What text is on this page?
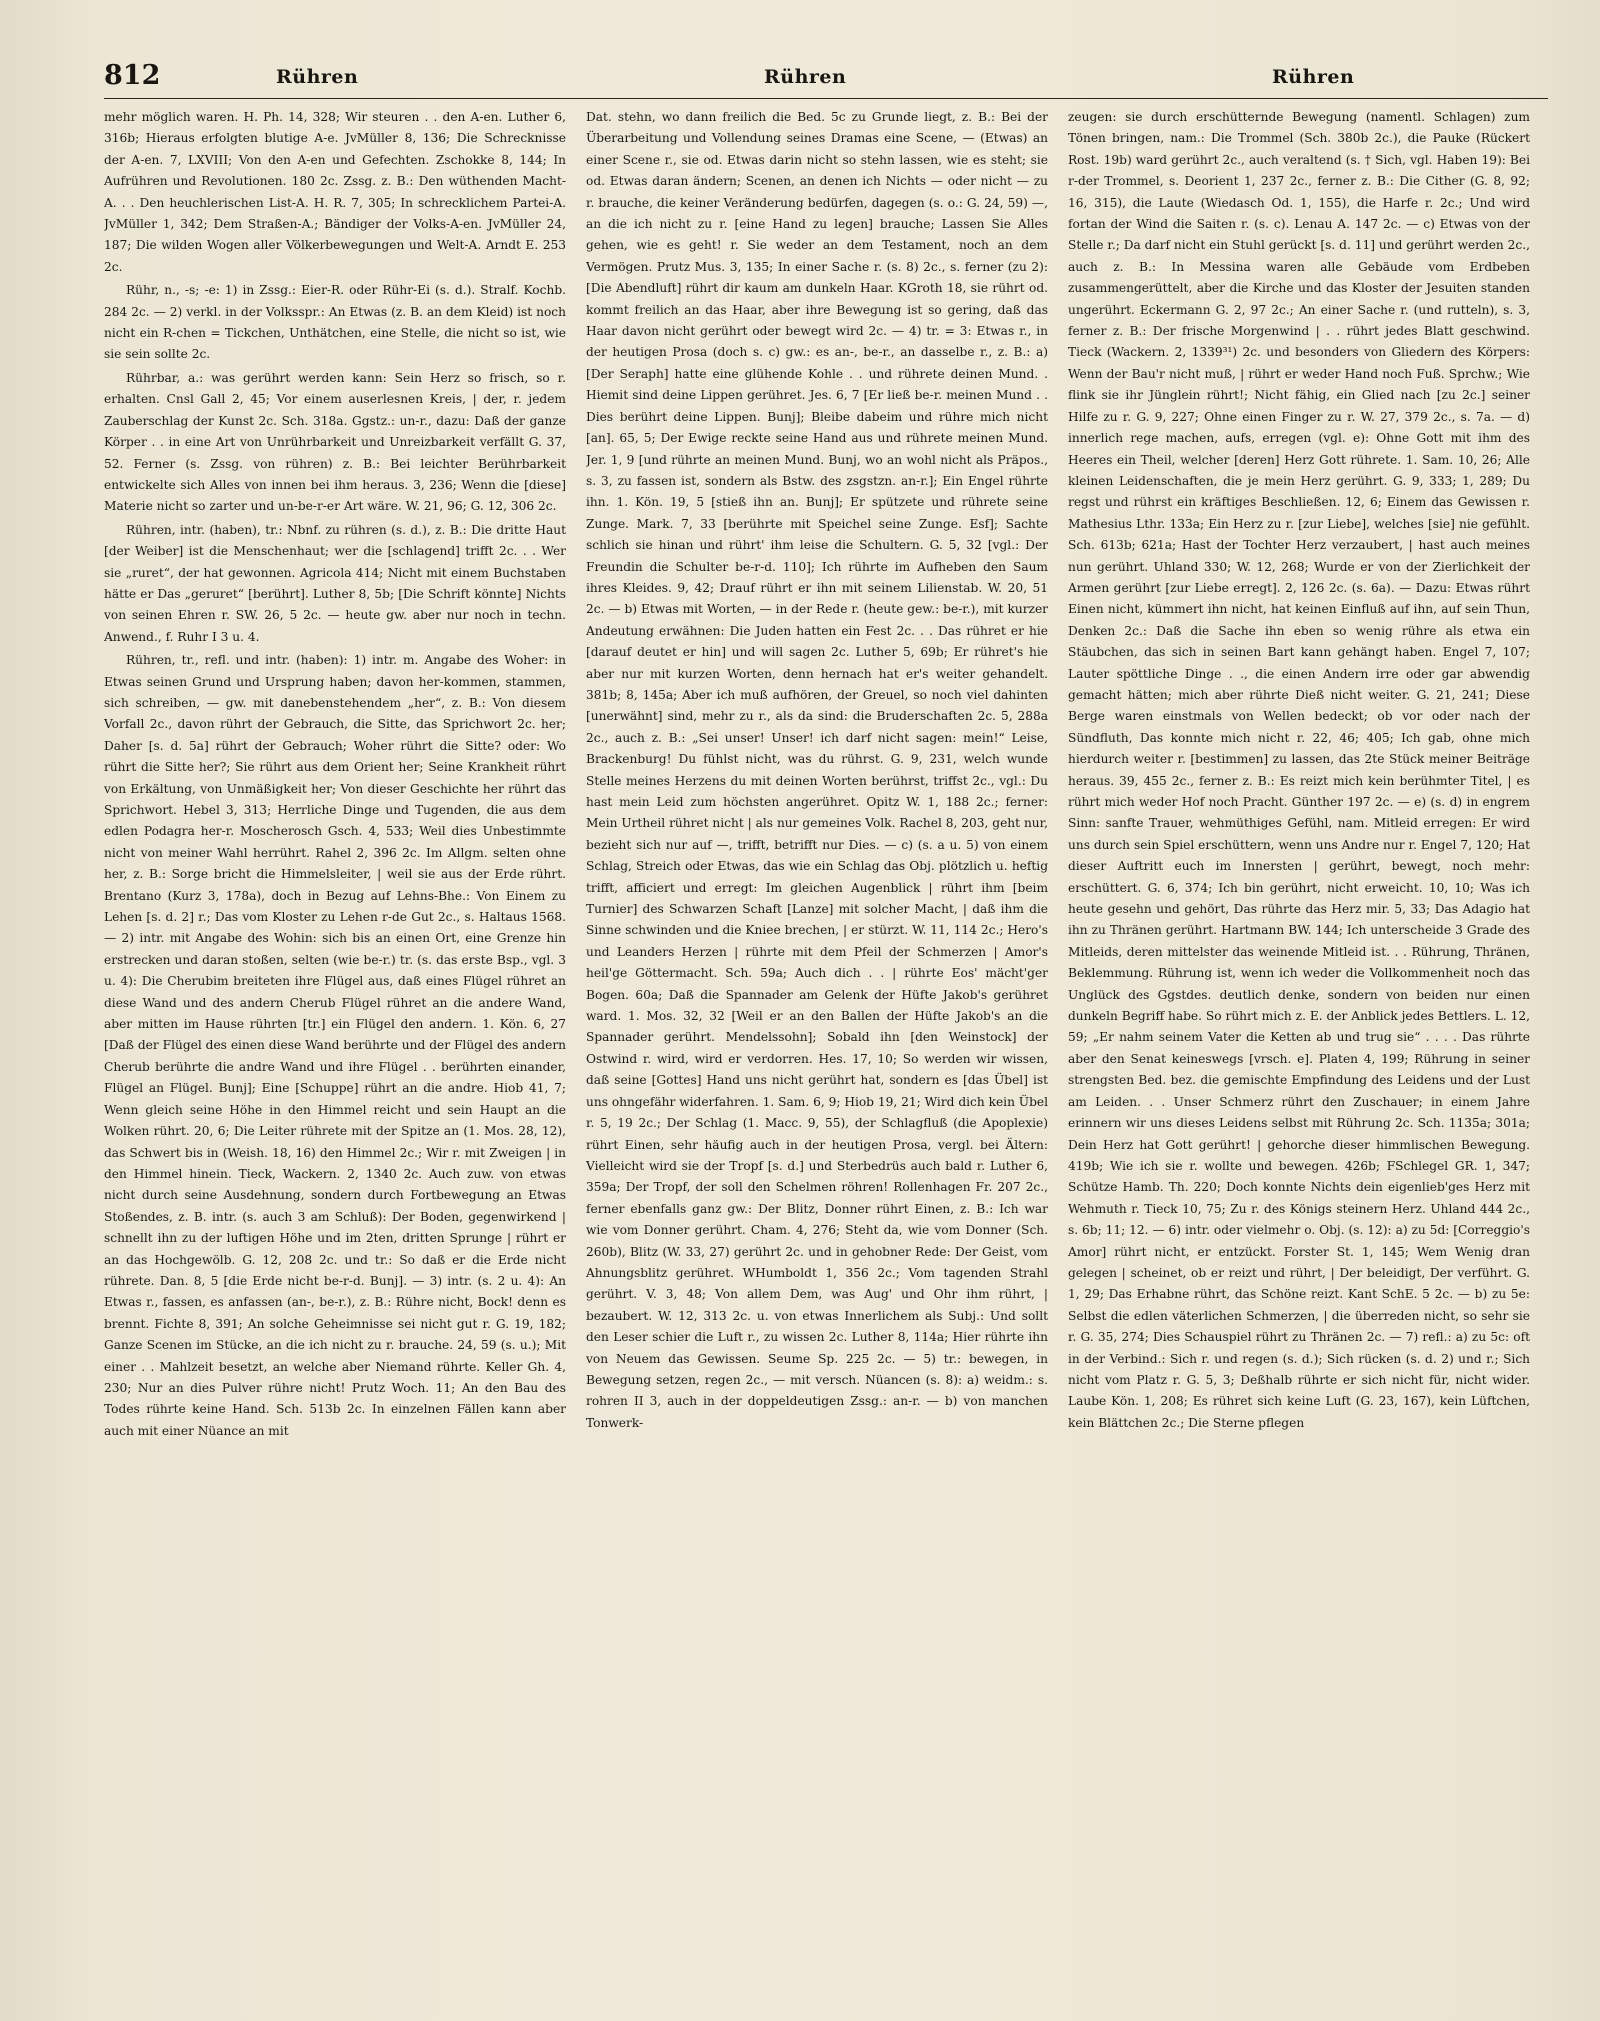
812	Rühren	Rühren	Rühren

mehr möglich waren. H. Ph. 14, 328; Wir steuren . . den A-en. Luther 6, 316b; Hieraus erfolgten blutige A-e. JvMüller 8, 136; Die Schrecknisse der A-en. 7, LXVIII; Von den A-en und Gefechten. Zschokke 8, 144; In Aufrühren und Revolutionen. 180 2c. Zssg. z. B.: Den wüthenden Macht-A. . . Den heuchlerischen List-A. H. R. 7, 305; In schrecklichem Partei-A. JvMüller 1, 342; Dem Straßen-A.; Bändiger der Volks-A-en. JvMüller 24, 187; Die wilden Wogen aller Völkerbewegungen und Welt-A. Arndt E. 253 2c.

Rühr, n., -s; -e: 1) in Zssg.: Eier-R. oder Rühr-Ei (s. d.). Stralf. Kochb. 284 2c. — 2) verkl. in der Volksspr.: An Etwas (z. B. an dem Kleid) ist noch nicht ein R-chen = Tickchen, Unthätchen, eine Stelle, die nicht so ist, wie sie sein sollte 2c.

Rührbar, a.: was gerührt werden kann: Sein Herz so frisch, so r. erhalten. Cnsl Gall 2, 45; Vor einem auserlesnen Kreis, | der, r. jedem Zauberschlag der Kunst 2c. Sch. 318a. Ggstz.: un-r., dazu: Daß der ganze Körper . . in eine Art von Unrührbarkeit und Unreizbarkeit verfällt G. 37, 52. Ferner (s. Zssg. von rühren) z. B.: Bei leichter Berührbarkeit entwickelte sich Alles von innen bei ihm heraus. 3, 236; Wenn die [diese] Materie nicht so zarter und un-be-r-er Art wäre. W. 21, 96; G. 12, 306 2c.

Rühren, intr. (haben), tr.: Nbnf. zu rühren (s. d.), z. B.: Die dritte Haut [der Weiber] ist die Menschenhaut; wer die [schlagend] trifft 2c. . . Wer sie „ruret“, der hat gewonnen. Agricola 414; Nicht mit einem Buchstaben hätte er Das „geruret“ [berührt]. Luther 8, 5b; [Die Schrift könnte] Nichts von seinen Ehren r. SW. 26, 5 2c. — heute gw. aber nur noch in techn. Anwend., f. Ruhr I 3 u. 4.

Rühren, tr., refl. und intr. (haben): 1) intr. m. Angabe des Woher: in Etwas seinen Grund und Ursprung haben; davon her-kommen, stammen, sich schreiben, — gw. mit danebenstehendem „her“, z. B.: Von diesem Vorfall 2c., davon rührt der Gebrauch, die Sitte, das Sprichwort 2c. her; Daher [s. d. 5a] rührt der Gebrauch; Woher rührt die Sitte? oder: Wo rührt die Sitte her?; Sie rührt aus dem Orient her; Seine Krankheit rührt von Erkältung, von Unmäßigkeit her; Von dieser Geschichte her rührt das Sprichwort. Hebel 3, 313; Herrliche Dinge und Tugenden, die aus dem edlen Podagra her-r. Moscherosch Gsch. 4, 533; Weil dies Unbestimmte nicht von meiner Wahl herrührt. Rahel 2, 396 2c. Im Allgm. selten ohne her, z. B.: Sorge bricht die Himmelsleiter, | weil sie aus der Erde rührt. Brentano (Kurz 3, 178a), doch in Bezug auf Lehns-Bhe.: Von Einem zu Lehen [s. d. 2] r.; Das vom Kloster zu Lehen r-de Gut 2c., s. Haltaus 1568. — 2) intr. mit Angabe des Wohin: sich bis an einen Ort, eine Grenze hin erstrecken und daran stoßen, selten (wie be-r.) tr. (s. das erste Bsp., vgl. 3 u. 4): Die Cherubim breiteten ihre Flügel aus, daß eines Flügel rühret an diese Wand und des andern Cherub Flügel rühret an die andere Wand, aber mitten im Hause rührten [tr.] ein Flügel den andern. 1. Kön. 6, 27 [Daß der Flügel des einen diese Wand berührte und der Flügel des andern Cherub berührte die andre Wand und ihre Flügel . . berührten einander, Flügel an Flügel. Bunj]; Eine [Schuppe] rührt an die andre. Hiob 41, 7; Wenn gleich seine Höhe in den Himmel reicht und sein Haupt an die Wolken rührt. 20, 6; Die Leiter rührete mit der Spitze an (1. Mos. 28, 12), das Schwert bis in (Weish. 18, 16) den Himmel 2c.; Wir r. mit Zweigen | in den Himmel hinein. Tieck, Wackern. 2, 1340 2c. Auch zuw. von etwas nicht durch seine Ausdehnung, sondern durch Fortbewegung an Etwas Stoßendes, z. B. intr. (s. auch 3 am Schluß): Der Boden, gegenwirkend | schnellt ihn zu der luftigen Höhe und im 2ten, dritten Sprunge | rührt er an das Hochgewölb. G. 12, 208 2c. und tr.: So daß er die Erde nicht rührete. Dan. 8, 5 [die Erde nicht be-r-d. Bunj]. — 3) intr. (s. 2 u. 4): An Etwas r., fassen, es anfassen (an-, be-r.), z. B.: Rühre nicht, Bock! denn es brennt. Fichte 8, 391; An solche Geheimnisse sei nicht gut r. G. 19, 182; Ganze Scenen im Stücke, an die ich nicht zu r. brauche. 24, 59 (s. u.); Mit einer . . Mahlzeit besetzt, an welche aber Niemand rührte. Keller Gh. 4, 230; Nur an dies Pulver rühre nicht! Prutz Woch. 11; An den Bau des Todes rührte keine Hand. Sch. 513b 2c. In einzelnen Fällen kann aber auch mit einer Nüance an mit

Dat. stehn, wo dann freilich die Bed. 5c zu Grunde liegt, z. B.: Bei der Überarbeitung und Vollendung seines Dramas eine Scene, — (Etwas) an einer Scene r., sie od. Etwas darin nicht so stehn lassen, wie es steht; sie od. Etwas daran ändern; Scenen, an denen ich Nichts — oder nicht — zu r. brauche, die keiner Veränderung bedürfen, dagegen (s. o.: G. 24, 59) —, an die ich nicht zu r. [eine Hand zu legen] brauche; Lassen Sie Alles gehen, wie es geht! r. Sie weder an dem Testament, noch an dem Vermögen. Prutz Mus. 3, 135; In einer Sache r. (s. 8) 2c., s. ferner (zu 2): [Die Abendluft] rührt dir kaum am dunkeln Haar. KGroth 18, sie rührt od. kommt freilich an das Haar, aber ihre Bewegung ist so gering, daß das Haar davon nicht gerührt oder bewegt wird 2c. — 4) tr. = 3: Etwas r., in der heutigen Prosa (doch s. c) gw.: es an-, be-r., an dasselbe r., z. B.: a) [Der Seraph] hatte eine glühende Kohle . . und rührete deinen Mund. . Hiemit sind deine Lippen gerühret. Jes. 6, 7 [Er ließ be-r. meinen Mund . . Dies berührt deine Lippen. Bunj]; Bleibe dabeim und rühre mich nicht [an]. 65, 5; Der Ewige reckte seine Hand aus und rührete meinen Mund. Jer. 1, 9 [und rührte an meinen Mund. Bunj, wo an wohl nicht als Präpos., s. 3, zu fassen ist, sondern als Bstw. des zsgstzn. an-r.]; Ein Engel rührte ihn. 1. Kön. 19, 5 [stieß ihn an. Bunj]; Er spützete und rührete seine Zunge. Mark. 7, 33 [berührte mit Speichel seine Zunge. Esf]; Sachte schlich sie hinan und rührt' ihm leise die Schultern. G. 5, 32 [vgl.: Der Freundin die Schulter be-r-d. 110]; Ich rührte im Aufheben den Saum ihres Kleides. 9, 42; Drauf rührt er ihn mit seinem Lilienstab. W. 20, 51 2c. — b) Etwas mit Worten, — in der Rede r. (heute gew.: be-r.), mit kurzer Andeutung erwähnen: Die Juden hatten ein Fest 2c. . . Das rühret er hie [darauf deutet er hin] und will sagen 2c. Luther 5, 69b; Er rühret's hie aber nur mit kurzen Worten, denn hernach hat er's weiter gehandelt. 381b; 8, 145a; Aber ich muß aufhören, der Greuel, so noch viel dahinten [unerwähnt] sind, mehr zu r., als da sind: die Bruderschaften 2c. 5, 288a 2c., auch z. B.: „Sei unser! Unser! ich darf nicht sagen: mein!“ Leise, Brackenburg! Du fühlst nicht, was du rührst. G. 9, 231, welch wunde Stelle meines Herzens du mit deinen Worten berührst, triffst 2c., vgl.: Du hast mein Leid zum höchsten angerühret. Opitz W. 1, 188 2c.; ferner: Mein Urtheil rühret nicht | als nur gemeines Volk. Rachel 8, 203, geht nur, bezieht sich nur auf —, trifft, betrifft nur Dies. — c) (s. a u. 5) von einem Schlag, Streich oder Etwas, das wie ein Schlag das Obj. plötzlich u. heftig trifft, afficiert und erregt: Im gleichen Augenblick | rührt ihm [beim Turnier] des Schwarzen Schaft [Lanze] mit solcher Macht, | daß ihm die Sinne schwinden und die Kniee brechen, | er stürzt. W. 11, 114 2c.; Hero's und Leanders Herzen | rührte mit dem Pfeil der Schmerzen | Amor's heil'ge Göttermacht. Sch. 59a; Auch dich . . | rührte Eos' mächt'ger Bogen. 60a; Daß die Spannader am Gelenk der Hüfte Jakob's gerühret ward. 1. Mos. 32, 32 [Weil er an den Ballen der Hüfte Jakob's an die Spannader gerührt. Mendelssohn]; Sobald ihn [den Weinstock] der Ostwind r. wird, wird er verdorren. Hes. 17, 10; So werden wir wissen, daß seine [Gottes] Hand uns nicht gerührt hat, sondern es [das Übel] ist uns ohngefähr widerfahren. 1. Sam. 6, 9; Hiob 19, 21; Wird dich kein Übel r. 5, 19 2c.; Der Schlag (1. Macc. 9, 55), der Schlagfluß (die Apoplexie) rührt Einen, sehr häufig auch in der heutigen Prosa, vergl. bei Ältern: Vielleicht wird sie der Tropf [s. d.] und Sterbedrüs auch bald r. Luther 6, 359a; Der Tropf, der soll den Schelmen röhren! Rollenhagen Fr. 207 2c., ferner ebenfalls ganz gw.: Der Blitz, Donner rührt Einen, z. B.: Ich war wie vom Donner gerührt. Cham. 4, 276; Steht da, wie vom Donner (Sch. 260b), Blitz (W. 33, 27) gerührt 2c. und in gehobner Rede: Der Geist, vom Ahnungsblitz gerühret. WHumboldt 1, 356 2c.; Vom tagenden Strahl gerührt. V. 3, 48; Von allem Dem, was Aug' und Ohr ihm rührt, | bezaubert. W. 12, 313 2c. u. von etwas Innerlichem als Subj.: Und sollt den Leser schier die Luft r., zu wissen 2c. Luther 8, 114a; Hier rührte ihn von Neuem das Gewissen. Seume Sp. 225 2c. — 5) tr.: bewegen, in Bewegung setzen, regen 2c., — mit versch. Nüancen (s. 8): a) weidm.: s. rohren II 3, auch in der doppeldeutigen Zssg.: an-r. — b) von manchen Tonwerk-

zeugen: sie durch erschütternde Bewegung (namentl. Schlagen) zum Tönen bringen, nam.: Die Trommel (Sch. 380b 2c.), die Pauke (Rückert Rost. 19b) ward gerührt 2c., auch veraltend (s. † Sich, vgl. Haben 19): Bei r-der Trommel, s. Deorient 1, 237 2c., ferner z. B.: Die Cither (G. 8, 92; 16, 315), die Laute (Wiedasch Od. 1, 155), die Harfe r. 2c.; Und wird fortan der Wind die Saiten r. (s. c). Lenau A. 147 2c. — c) Etwas von der Stelle r.; Da darf nicht ein Stuhl gerückt [s. d. 11] und gerührt werden 2c., auch z. B.: In Messina waren alle Gebäude vom Erdbeben zusammengerüttelt, aber die Kirche und das Kloster der Jesuiten standen ungerührt. Eckermann G. 2, 97 2c.; An einer Sache r. (und rutteln), s. 3, ferner z. B.: Der frische Morgenwind | . . rührt jedes Blatt geschwind. Tieck (Wackern. 2, 1339³¹) 2c. und besonders von Gliedern des Körpers: Wenn der Bau'r nicht muß, | rührt er weder Hand noch Fuß. Sprchw.; Wie flink sie ihr Jünglein rührt!; Nicht fähig, ein Glied nach [zu 2c.] seiner Hilfe zu r. G. 9, 227; Ohne einen Finger zu r. W. 27, 379 2c., s. 7a. — d) innerlich rege machen, aufs, erregen (vgl. e): Ohne Gott mit ihm des Heeres ein Theil, welcher [deren] Herz Gott rührete. 1. Sam. 10, 26; Alle kleinen Leidenschaften, die je mein Herz gerührt. G. 9, 333; 1, 289; Du regst und rührst ein kräftiges Beschließen. 12, 6; Einem das Gewissen r. Mathesius Lthr. 133a; Ein Herz zu r. [zur Liebe], welches [sie] nie gefühlt. Sch. 613b; 621a; Hast der Tochter Herz verzaubert, | hast auch meines nun gerührt. Uhland 330; W. 12, 268; Wurde er von der Zierlichkeit der Armen gerührt [zur Liebe erregt]. 2, 126 2c. (s. 6a). — Dazu: Etwas rührt Einen nicht, kümmert ihn nicht, hat keinen Einfluß auf ihn, auf sein Thun, Denken 2c.: Daß die Sache ihn eben so wenig rühre als etwa ein Stäubchen, das sich in seinen Bart kann gehängt haben. Engel 7, 107; Lauter spöttliche Dinge . ., die einen Andern irre oder gar abwendig gemacht hätten; mich aber rührte Dieß nicht weiter. G. 21, 241; Diese Berge waren einstmals von Wellen bedeckt; ob vor oder nach der Sündfluth, Das konnte mich nicht r. 22, 46; 405; Ich gab, ohne mich hierdurch weiter r. [bestimmen] zu lassen, das 2te Stück meiner Beiträge heraus. 39, 455 2c., ferner z. B.: Es reizt mich kein berühmter Titel, | es rührt mich weder Hof noch Pracht. Günther 197 2c. — e) (s. d) in engrem Sinn: sanfte Trauer, wehmüthiges Gefühl, nam. Mitleid erregen: Er wird uns durch sein Spiel erschüttern, wenn uns Andre nur r. Engel 7, 120; Hat dieser Auftritt euch im Innersten | gerührt, bewegt, noch mehr: erschüttert. G. 6, 374; Ich bin gerührt, nicht erweicht. 10, 10; Was ich heute gesehn und gehört, Das rührte das Herz mir. 5, 33; Das Adagio hat ihn zu Thränen gerührt. Hartmann BW. 144; Ich unterscheide 3 Grade des Mitleids, deren mittelster das weinende Mitleid ist. . . Rührung, Thränen, Beklemmung. Rührung ist, wenn ich weder die Vollkommenheit noch das Unglück des Ggstdes. deutlich denke, sondern von beiden nur einen dunkeln Begriff habe. So rührt mich z. E. der Anblick jedes Bettlers. L. 12, 59; „Er nahm seinem Vater die Ketten ab und trug sie“ . . . . Das rührte aber den Senat keineswegs [vrsch. e]. Platen 4, 199; Rührung in seiner strengsten Bed. bez. die gemischte Empfindung des Leidens und der Lust am Leiden. . . Unser Schmerz rührt den Zuschauer; in einem Jahre erinnern wir uns dieses Leidens selbst mit Rührung 2c. Sch. 1135a; 301a; Dein Herz hat Gott gerührt! | gehorche dieser himmlischen Bewegung. 419b; Wie ich sie r. wollte und bewegen. 426b; FSchlegel GR. 1, 347; Schütze Hamb. Th. 220; Doch konnte Nichts dein eigenlieb'ges Herz mit Wehmuth r. Tieck 10, 75; Zu r. des Königs steinern Herz. Uhland 444 2c., s. 6b; 11; 12. — 6) intr. oder vielmehr o. Obj. (s. 12): a) zu 5d: [Correggio's Amor] rührt nicht, er entzückt. Forster St. 1, 145; Wem Wenig dran gelegen | scheinet, ob er reizt und rührt, | Der beleidigt, Der verführt. G. 1, 29; Das Erhabne rührt, das Schöne reizt. Kant SchE. 5 2c. — b) zu 5e: Selbst die edlen väterlichen Schmerzen, | die überreden nicht, so sehr sie r. G. 35, 274; Dies Schauspiel rührt zu Thränen 2c. — 7) refl.: a) zu 5c: oft in der Verbind.: Sich r. und regen (s. d.); Sich rücken (s. d. 2) und r.; Sich nicht vom Platz r. G. 5, 3; Deßhalb rührte er sich nicht für, nicht wider. Laube Kön. 1, 208; Es rühret sich keine Luft (G. 23, 167), kein Lüftchen, kein Blättchen 2c.; Die Sterne pflegen
